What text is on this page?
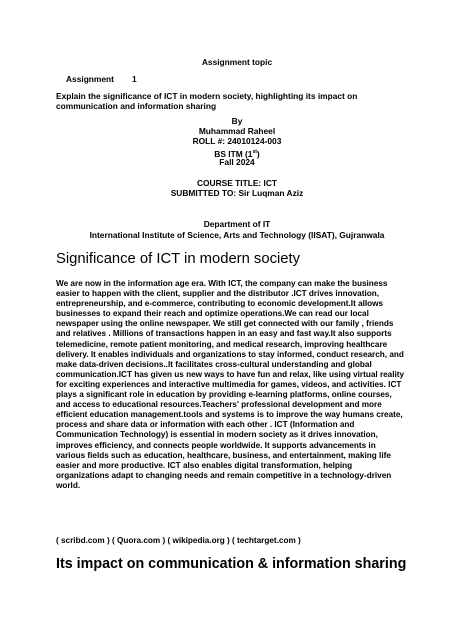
Assignment topic
Assignment 1
Explain the significance of ICT in modern society, highlighting its impact on communication and information sharing
By
Muhammad Raheel
ROLL #: 24010124-003
BS ITM (1st)
Fall 2024
COURSE TITLE: ICT
SUBMITTED TO: Sir Luqman Aziz
Department of IT
International Institute of Science, Arts and Technology (IISAT), Gujranwala
Significance of ICT in modern society
We are now in the information age era. With ICT, the company can make the business
easier to happen with the client, supplier and the distributor .ICT drives innovation,
entrepreneurship, and e-commerce, contributing to economic development.It allows
businesses to expand their reach and optimize operations.We can read our local
newspaper using the online newspaper. We still get connected with our family , friends
and relatives . Millions of transactions happen in an easy and fast way.It also supports
telemedicine, remote patient monitoring, and medical research, improving healthcare
delivery. It enables individuals and organizations to stay informed, conduct research, and
make data-driven decisions..It facilitates cross-cultural understanding and global
communication.ICT has given us new ways to have fun and relax, like using virtual reality
for exciting experiences and interactive multimedia for games, videos, and activities. ICT
plays a significant role in education by providing e-learning platforms, online courses,
and access to educational resources.Teachers' professional development and more
efficient education management.tools and systems is to improve the way humans create,
process and share data or information with each other . ICT (Information and
Communication Technology) is essential in modern society as it drives innovation,
improves efficiency, and connects people worldwide. It supports advancements in
various fields such as education, healthcare, business, and entertainment, making life
easier and more productive. ICT also enables digital transformation, helping
organizations adapt to changing needs and remain competitive in a technology-driven
world.
( scribd.com ) ( Quora.com ) ( wikipedia.org ) ( techtarget.com )
Its impact on communication & information sharing
